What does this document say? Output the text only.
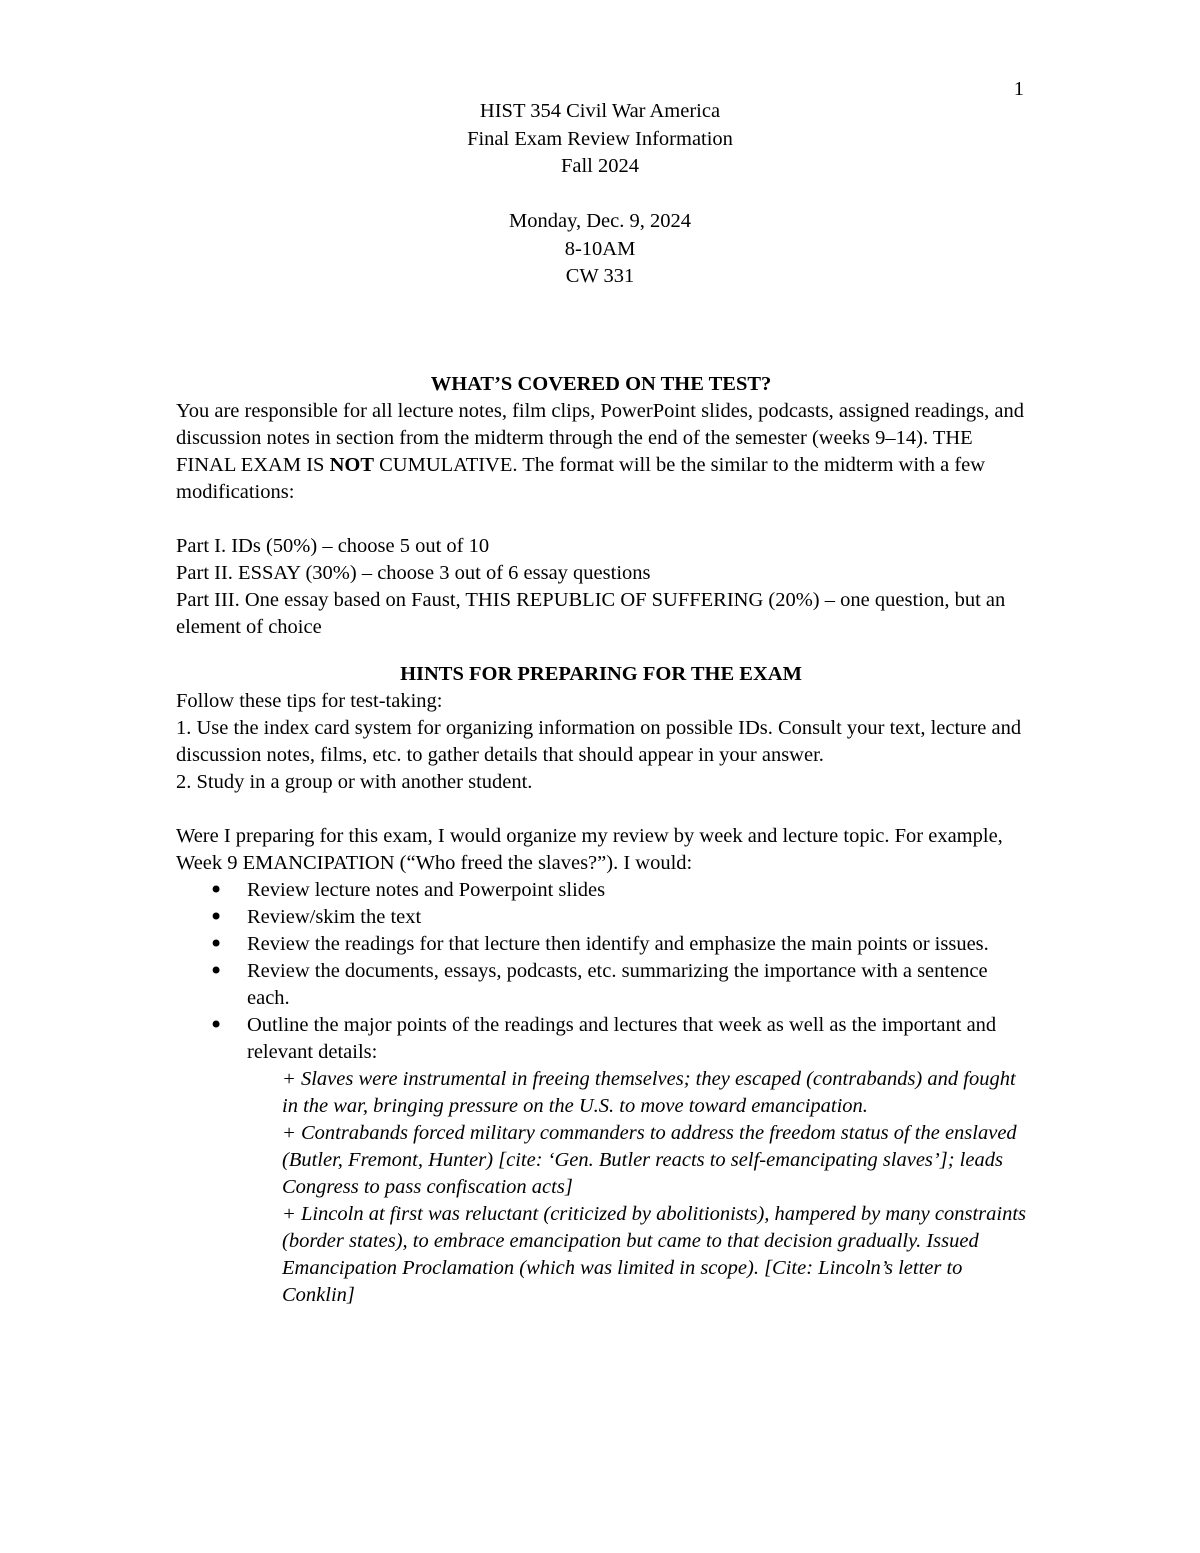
1
HIST 354 Civil War America
Final Exam Review Information
Fall 2024
Monday, Dec. 9, 2024
8-10AM
CW 331

WHAT’S COVERED ON THE TEST?

You are responsible for all lecture notes, film clips, PowerPoint slides, podcasts, assigned readings, and discussion notes in section from the midterm through the end of the semester (weeks 9–14). THE FINAL EXAM IS NOT CUMULATIVE. The format will be the similar to the midterm with a few modifications:

Part I. IDs (50%) – choose 5 out of 10

Part II. ESSAY (30%) – choose 3 out of 6 essay questions

Part III. One essay based on Faust, THIS REPUBLIC OF SUFFERING (20%) – one question, but an element of choice

HINTS FOR PREPARING FOR THE EXAM

Follow these tips for test-taking:

1. Use the index card system for organizing information on possible IDs. Consult your text, lecture and discussion notes, films, etc. to gather details that should appear in your answer.

2. Study in a group or with another student.

Were I preparing for this exam, I would organize my review by week and lecture topic. For example, Week 9 EMANCIPATION (“Who freed the slaves?”). I would:

• Review lecture notes and Powerpoint slides
• Review/skim the text
• Review the readings for that lecture then identify and emphasize the main points or issues.
• Review the documents, essays, podcasts, etc. summarizing the importance with a sentence each.
• Outline the major points of the readings and lectures that week as well as the important and relevant details:

+ Slaves were instrumental in freeing themselves; they escaped (contrabands) and fought in the war, bringing pressure on the U.S. to move toward emancipation.

+ Contrabands forced military commanders to address the freedom status of the enslaved (Butler, Fremont, Hunter) [cite: ‘Gen. Butler reacts to self-emancipating slaves’]; leads Congress to pass confiscation acts]

+ Lincoln at first was reluctant (criticized by abolitionists), hampered by many constraints (border states), to embrace emancipation but came to that decision gradually. Issued Emancipation Proclamation (which was limited in scope). [Cite: Lincoln’s letter to Conklin]
